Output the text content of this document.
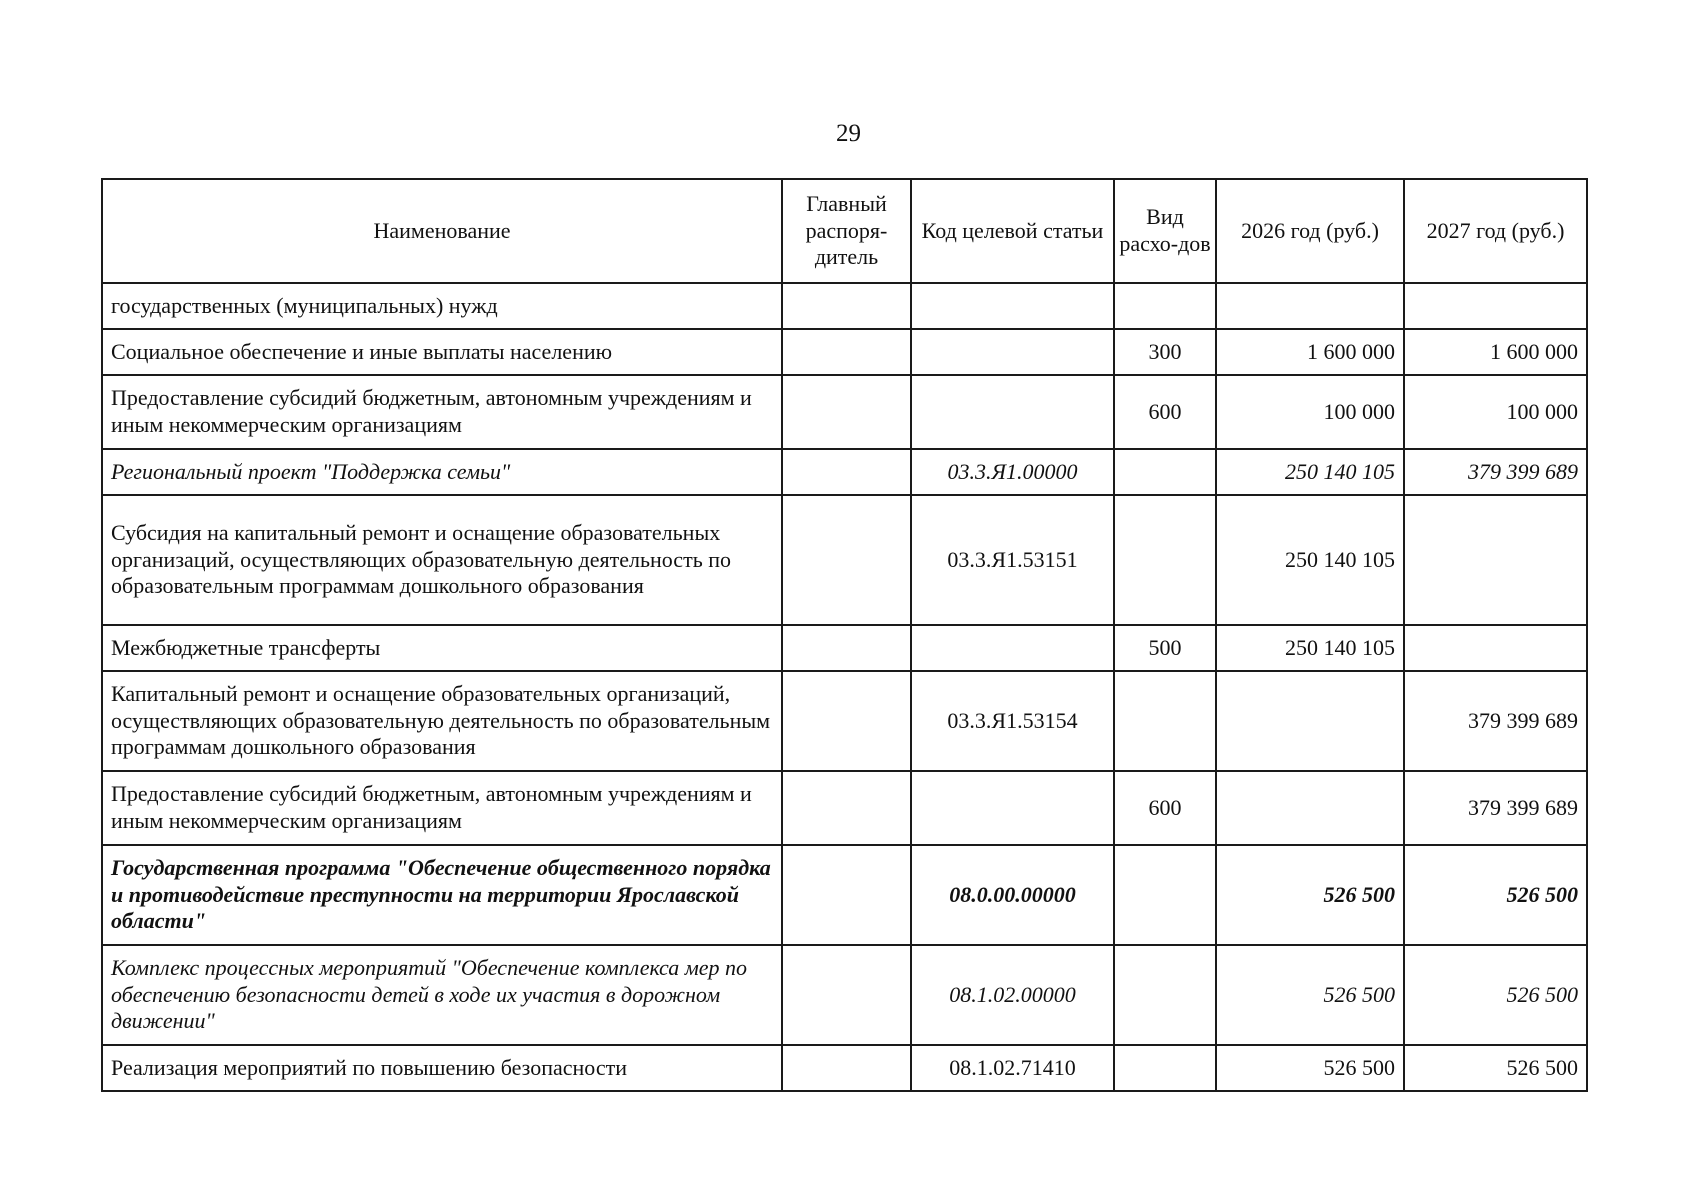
29
Наименование	Главный распоря-дитель	Код целевой статьи	Вид расхо-дов	2026 год (руб.)	2027 год (руб.)
государственных (муниципальных) нужд					
Социальное обеспечение и иные выплаты населению			300	1 600 000	1 600 000
Предоставление субсидий бюджетным, автономным учреждениям и иным некоммерческим организациям			600	100 000	100 000
Региональный проект "Поддержка семьи"		03.3.Я1.00000		250 140 105	379 399 689
Субсидия на капитальный ремонт и оснащение образовательных организаций, осуществляющих образовательную деятельность по образовательным программам дошкольного образования		03.3.Я1.53151		250 140 105	
Межбюджетные трансферты			500	250 140 105	
Капитальный ремонт и оснащение образовательных организаций, осуществляющих образовательную деятельность по образовательным программам дошкольного образования		03.3.Я1.53154			379 399 689
Предоставление субсидий бюджетным, автономным учреждениям и иным некоммерческим организациям			600		379 399 689
Государственная программа "Обеспечение общественного порядка и противодействие преступности на территории Ярославской области"		08.0.00.00000		526 500	526 500
Комплекс процессных мероприятий "Обеспечение комплекса мер по обеспечению безопасности детей в ходе их участия в дорожном движении"		08.1.02.00000		526 500	526 500
Реализация мероприятий по повышению безопасности		08.1.02.71410		526 500	526 500
